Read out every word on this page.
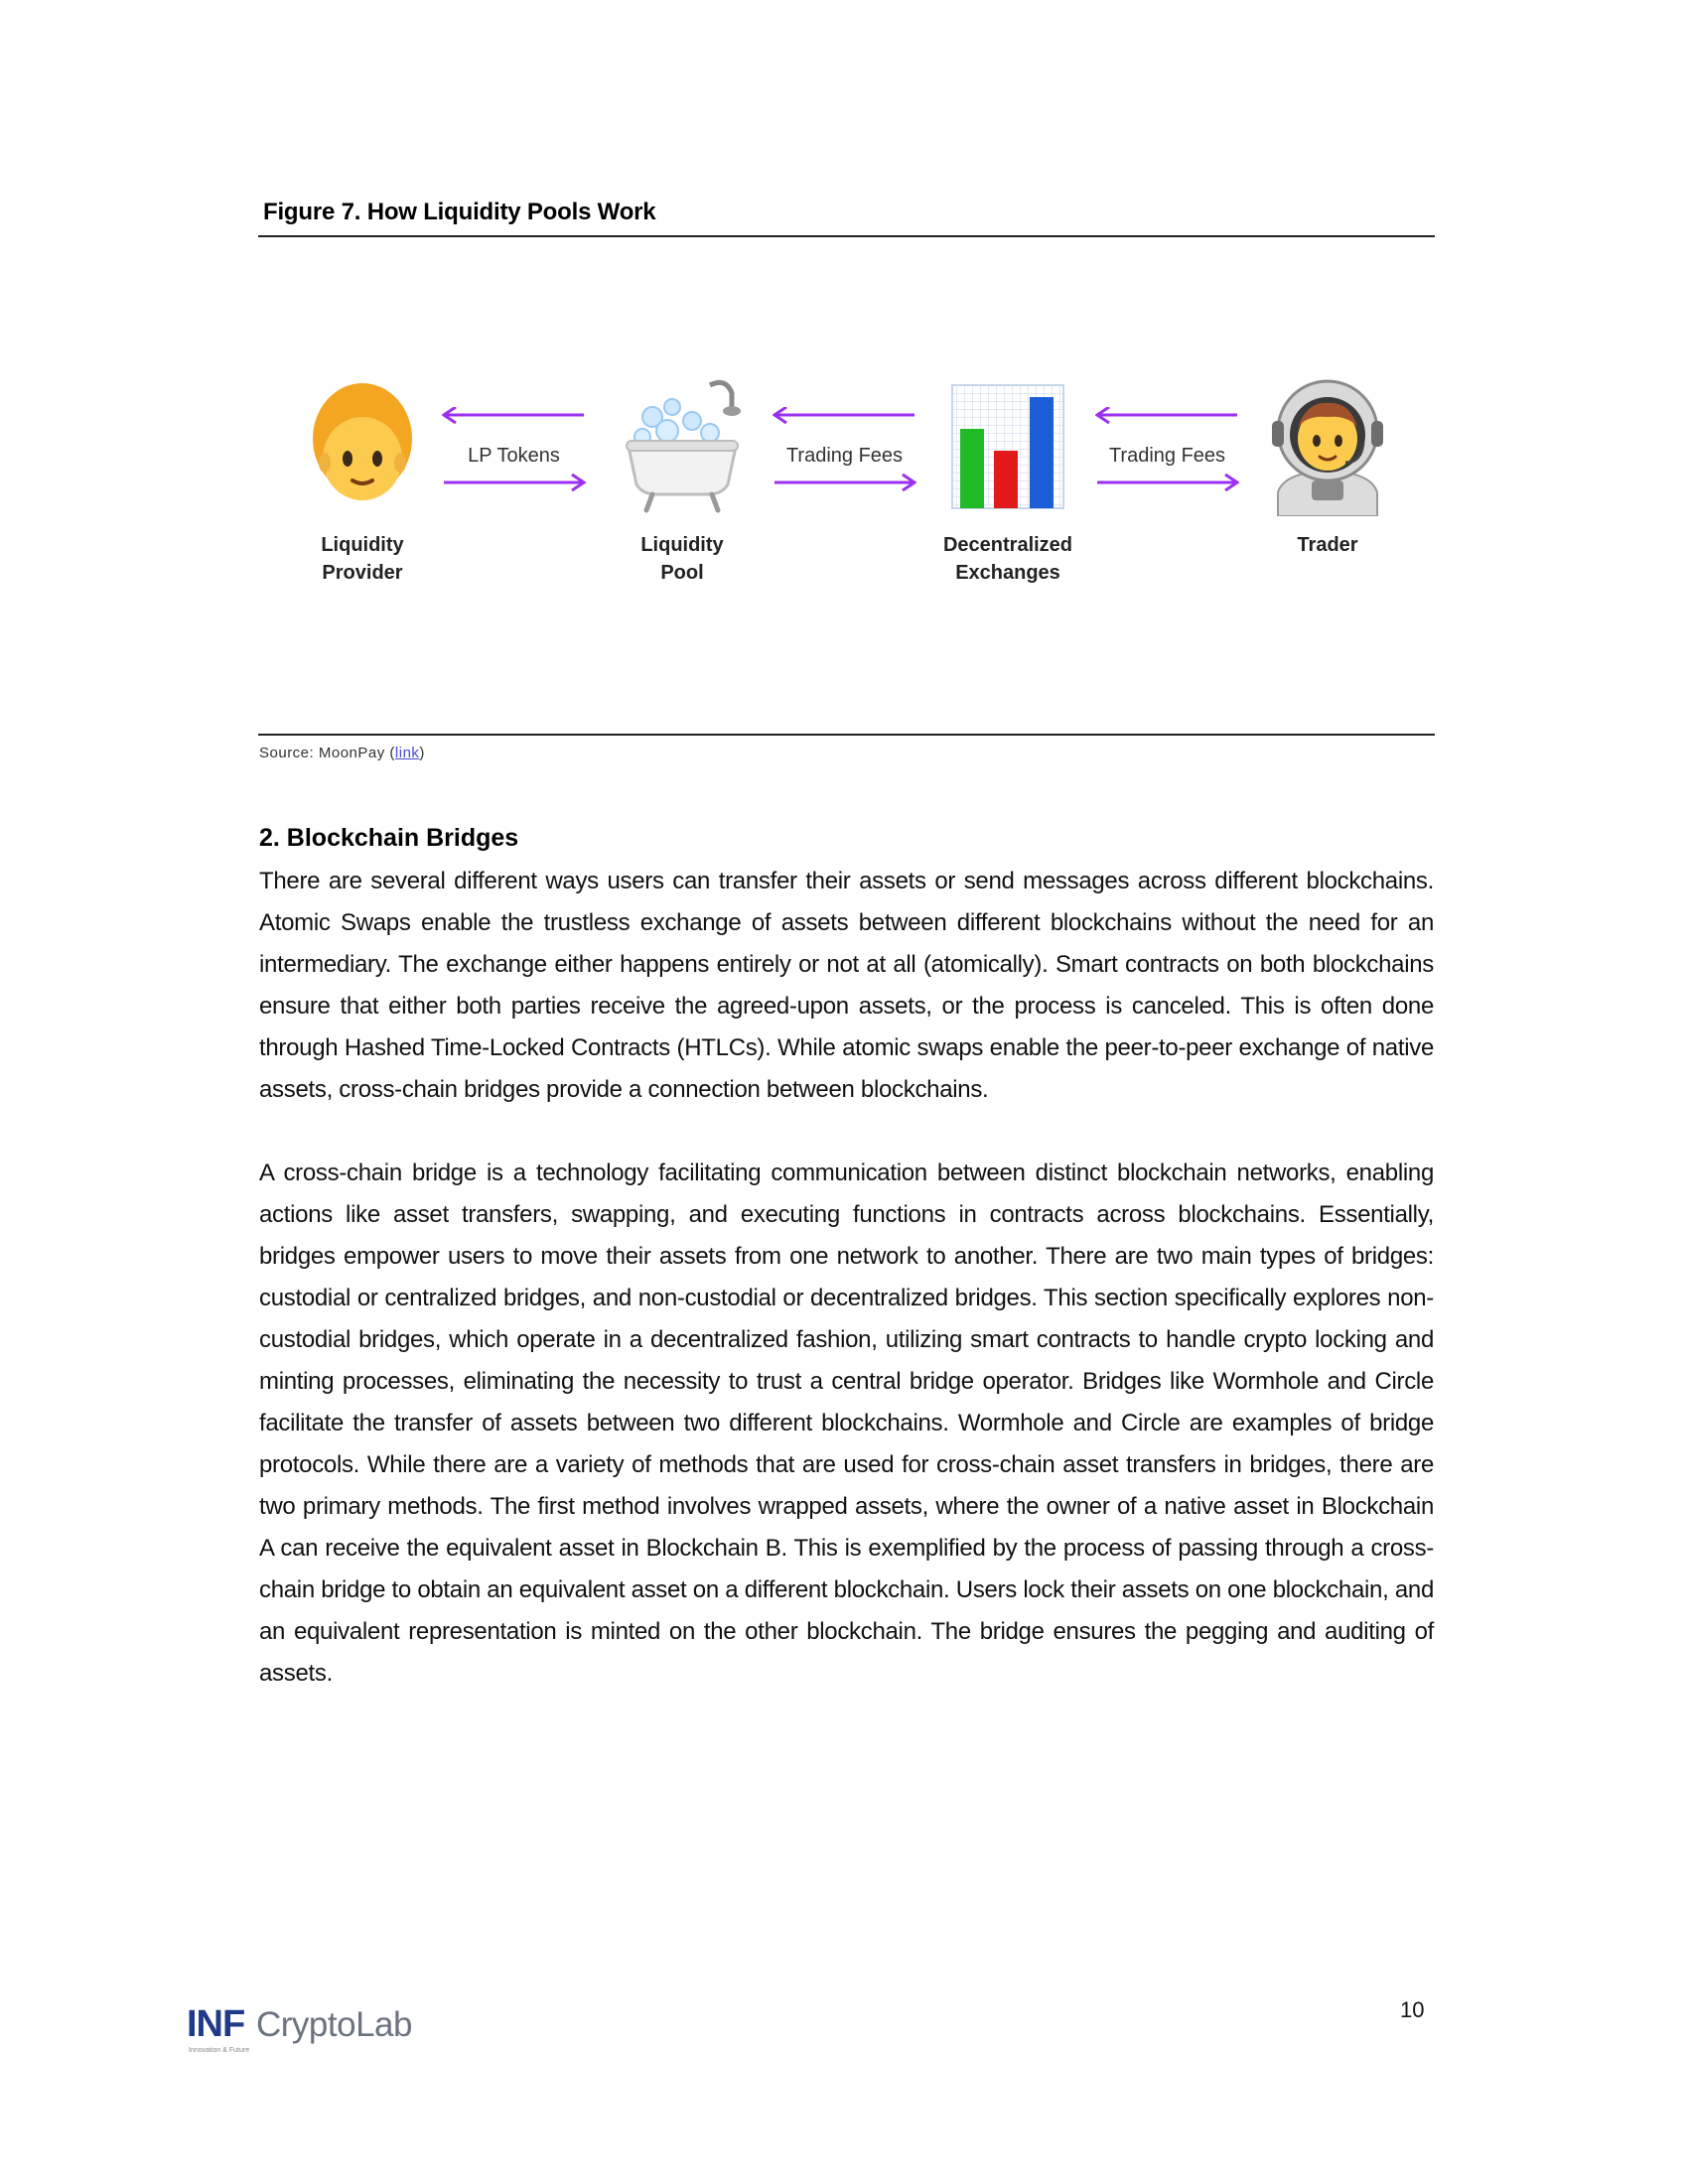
Figure 7. How Liquidity Pools Work
Liquidity
Provider
LP Tokens
Liquidity
Pool
Trading Fees
Decentralized
Exchanges
Trading Fees
Trader
Source: MoonPay (link)
2. Blockchain Bridges
There are several different ways users can transfer their assets or send messages across different blockchains. Atomic Swaps enable the trustless exchange of assets between different blockchains without the need for an intermediary. The exchange either happens entirely or not at all (atomically). Smart contracts on both blockchains ensure that either both parties receive the agreed-upon assets, or the process is canceled. This is often done through Hashed Time-Locked Contracts (HTLCs). While atomic swaps enable the peer-to-peer exchange of native assets, cross-chain bridges provide a connection between blockchains.
A cross-chain bridge is a technology facilitating communication between distinct blockchain networks, enabling actions like asset transfers, swapping, and executing functions in contracts across blockchains. Essentially, bridges empower users to move their assets from one network to another. There are two main types of bridges: custodial or centralized bridges, and non-custodial or decentralized bridges. This section specifically explores non-custodial bridges, which operate in a decentralized fashion, utilizing smart contracts to handle crypto locking and minting processes, eliminating the necessity to trust a central bridge operator. Bridges like Wormhole and Circle facilitate the transfer of assets between two different blockchains. Wormhole and Circle are examples of bridge protocols. While there are a variety of methods that are used for cross-chain asset transfers in bridges, there are two primary methods. The first method involves wrapped assets, where the owner of a native asset in Blockchain A can receive the equivalent asset in Blockchain B. This is exemplified by the process of passing through a cross-chain bridge to obtain an equivalent asset on a different blockchain. Users lock their assets on one blockchain, and an equivalent representation is minted on the other blockchain. The bridge ensures the pegging and auditing of assets.
INF CryptoLab
Innovation & Future
10
